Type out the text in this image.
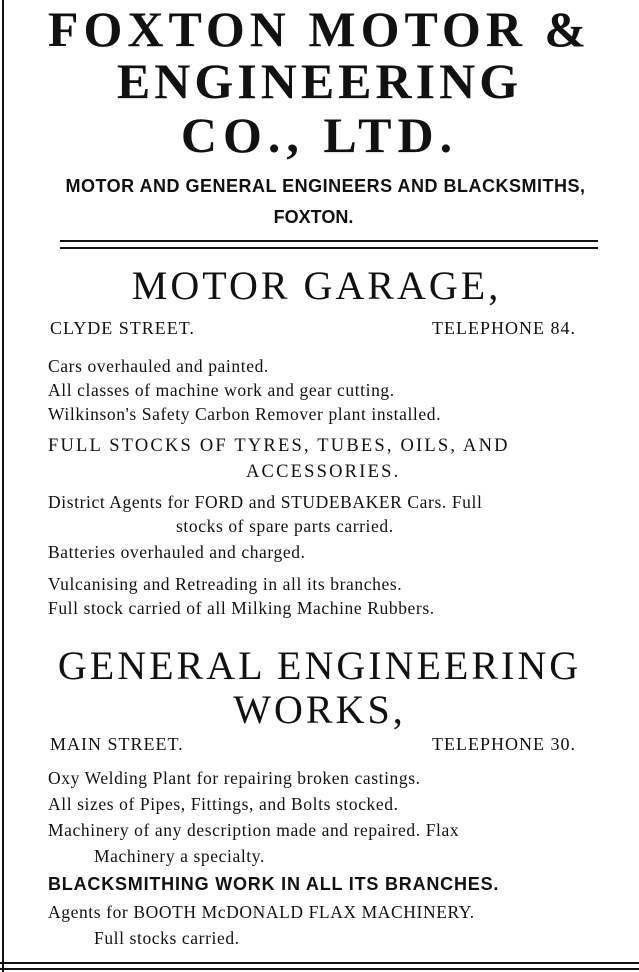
FOXTON MOTOR &
ENGINEERING
CO., LTD.
MOTOR AND GENERAL ENGINEERS AND BLACKSMITHS,
FOXTON.
MOTOR GARAGE,
CLYDE STREET.	TELEPHONE 84.
Cars overhauled and painted.
All classes of machine work and gear cutting.
Wilkinson's Safety Carbon Remover plant installed.
FULL STOCKS OF TYRES, TUBES, OILS, AND
ACCESSORIES.
District Agents for FORD and STUDEBAKER Cars. Full
stocks of spare parts carried.
Batteries overhauled and charged.
Vulcanising and Retreading in all its branches.
Full stock carried of all Milking Machine Rubbers.
GENERAL ENGINEERING
WORKS,
MAIN STREET.	TELEPHONE 30.
Oxy Welding Plant for repairing broken castings.
All sizes of Pipes, Fittings, and Bolts stocked.
Machinery of any description made and repaired. Flax
Machinery a specialty.
BLACKSMITHING WORK IN ALL ITS BRANCHES.
Agents for BOOTH McDONALD FLAX MACHINERY.
Full stocks carried.
